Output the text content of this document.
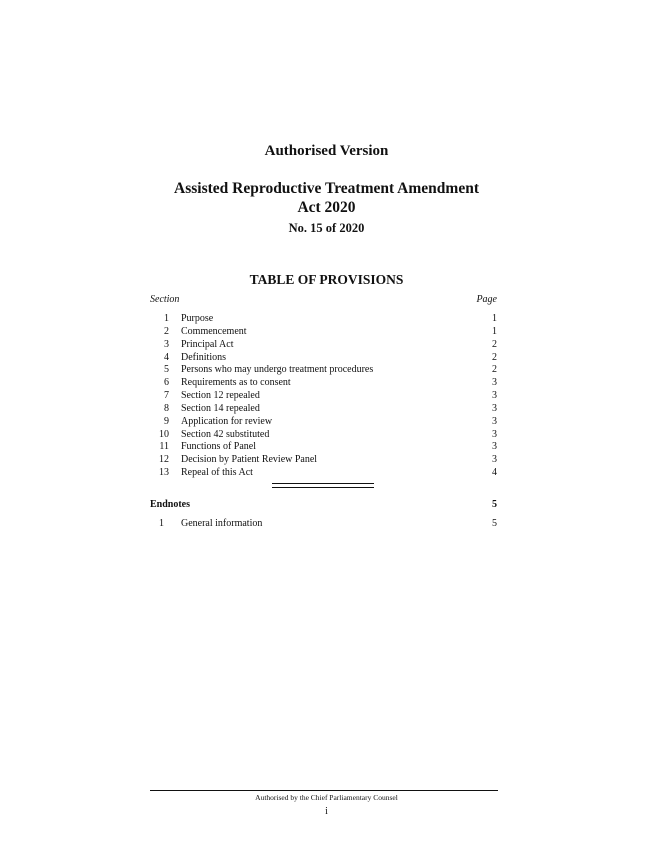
Authorised Version
Assisted Reproductive Treatment Amendment
Act 2020
No. 15 of 2020
TABLE OF PROVISIONS
Section	Page
1 Purpose	1
2 Commencement	1
3 Principal Act	2
4 Definitions	2
5 Persons who may undergo treatment procedures	2
6 Requirements as to consent	3
7 Section 12 repealed	3
8 Section 14 repealed	3
9 Application for review	3
10 Section 42 substituted	3
11 Functions of Panel	3
12 Decision by Patient Review Panel	3
13 Repeal of this Act	4
Endnotes	5
1 General information	5
Authorised by the Chief Parliamentary Counsel
i
